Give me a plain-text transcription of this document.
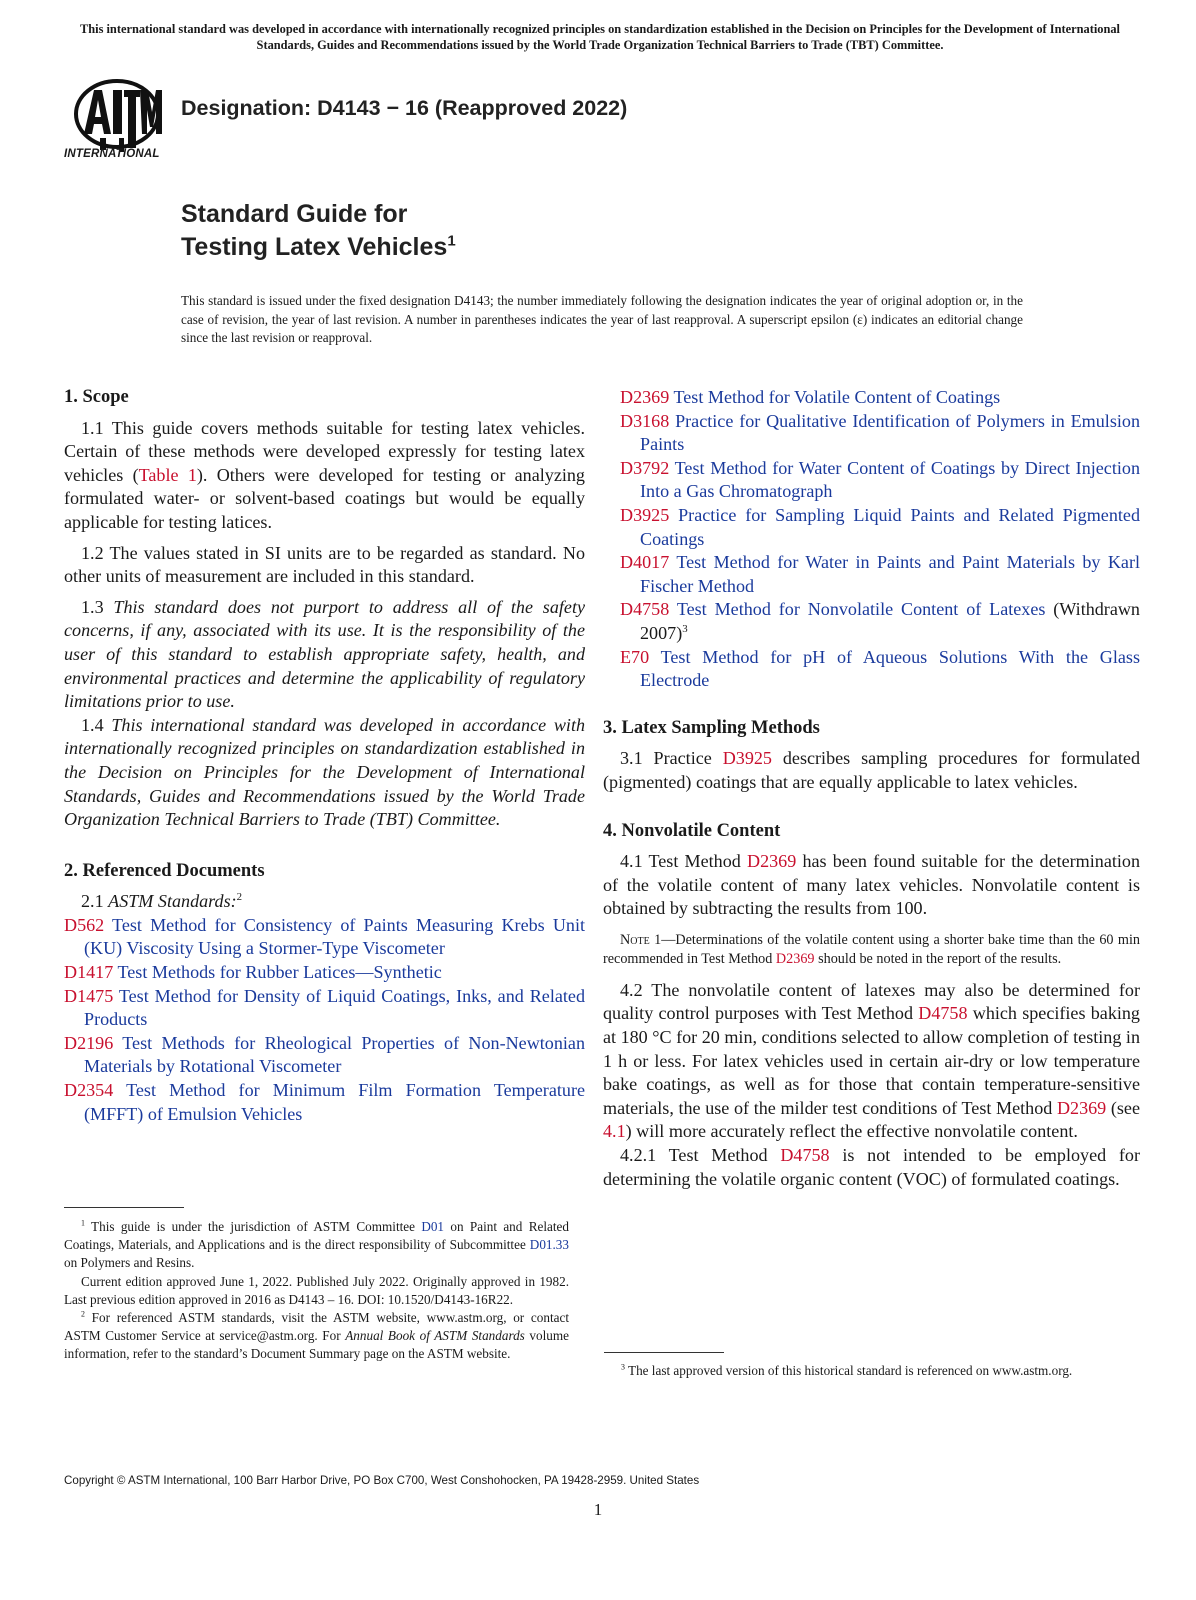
This international standard was developed in accordance with internationally recognized principles on standardization established in the Decision on Principles for the Development of International Standards, Guides and Recommendations issued by the World Trade Organization Technical Barriers to Trade (TBT) Committee.
INTERNATIONAL
Designation: D4143 − 16 (Reapproved 2022)
Standard Guide for
Testing Latex Vehicles$^1$
This standard is issued under the fixed designation D4143; the number immediately following the designation indicates the year of original adoption or, in the case of revision, the year of last revision. A number in parentheses indicates the year of last reapproval. A superscript epsilon (ε) indicates an editorial change since the last revision or reapproval.
1. Scope
1.1 This guide covers methods suitable for testing latex vehicles. Certain of these methods were developed expressly for testing latex vehicles (Table 1). Others were developed for testing or analyzing formulated water- or solvent-based coatings but would be equally applicable for testing latices.
1.2 The values stated in SI units are to be regarded as standard. No other units of measurement are included in this standard.
1.3 This standard does not purport to address all of the safety concerns, if any, associated with its use. It is the responsibility of the user of this standard to establish appropriate safety, health, and environmental practices and determine the applicability of regulatory limitations prior to use.
1.4 This international standard was developed in accordance with internationally recognized principles on standardization established in the Decision on Principles for the Development of International Standards, Guides and Recommendations issued by the World Trade Organization Technical Barriers to Trade (TBT) Committee.
2. Referenced Documents
2.1 ASTM Standards:$^2$
D562 Test Method for Consistency of Paints Measuring Krebs Unit (KU) Viscosity Using a Stormer-Type Viscometer
D1417 Test Methods for Rubber Latices—Synthetic
D1475 Test Method for Density of Liquid Coatings, Inks, and Related Products
D2196 Test Methods for Rheological Properties of Non-Newtonian Materials by Rotational Viscometer
D2354 Test Method for Minimum Film Formation Temperature (MFFT) of Emulsion Vehicles
D2369 Test Method for Volatile Content of Coatings
D3168 Practice for Qualitative Identification of Polymers in Emulsion Paints
D3792 Test Method for Water Content of Coatings by Direct Injection Into a Gas Chromatograph
D3925 Practice for Sampling Liquid Paints and Related Pigmented Coatings
D4017 Test Method for Water in Paints and Paint Materials by Karl Fischer Method
D4758 Test Method for Nonvolatile Content of Latexes (Withdrawn 2007)$^3$
E70 Test Method for pH of Aqueous Solutions With the Glass Electrode
3. Latex Sampling Methods
3.1 Practice D3925 describes sampling procedures for formulated (pigmented) coatings that are equally applicable to latex vehicles.
4. Nonvolatile Content
4.1 Test Method D2369 has been found suitable for the determination of the volatile content of many latex vehicles. Nonvolatile content is obtained by subtracting the results from 100.
Note 1—Determinations of the volatile content using a shorter bake time than the 60 min recommended in Test Method D2369 should be noted in the report of the results.
4.2 The nonvolatile content of latexes may also be determined for quality control purposes with Test Method D4758 which specifies baking at 180 °C for 20 min, conditions selected to allow completion of testing in 1 h or less. For latex vehicles used in certain air-dry or low temperature bake coatings, as well as for those that contain temperature-sensitive materials, the use of the milder test conditions of Test Method D2369 (see 4.1) will more accurately reflect the effective nonvolatile content.
4.2.1 Test Method D4758 is not intended to be employed for determining the volatile organic content (VOC) of formulated coatings.

$^1$ This guide is under the jurisdiction of ASTM Committee D01 on Paint and Related Coatings, Materials, and Applications and is the direct responsibility of Subcommittee D01.33 on Polymers and Resins.

Current edition approved June 1, 2022. Published July 2022. Originally approved in 1982. Last previous edition approved in 2016 as D4143 – 16. DOI: 10.1520/D4143-16R22.

$^2$ For referenced ASTM standards, visit the ASTM website, www.astm.org, or contact ASTM Customer Service at service@astm.org. For Annual Book of ASTM Standards volume information, refer to the standard’s Document Summary page on the ASTM website.

$^3$ The last approved version of this historical standard is referenced on www.astm.org.

Copyright © ASTM International, 100 Barr Harbor Drive, PO Box C700, West Conshohocken, PA 19428-2959. United States
1
